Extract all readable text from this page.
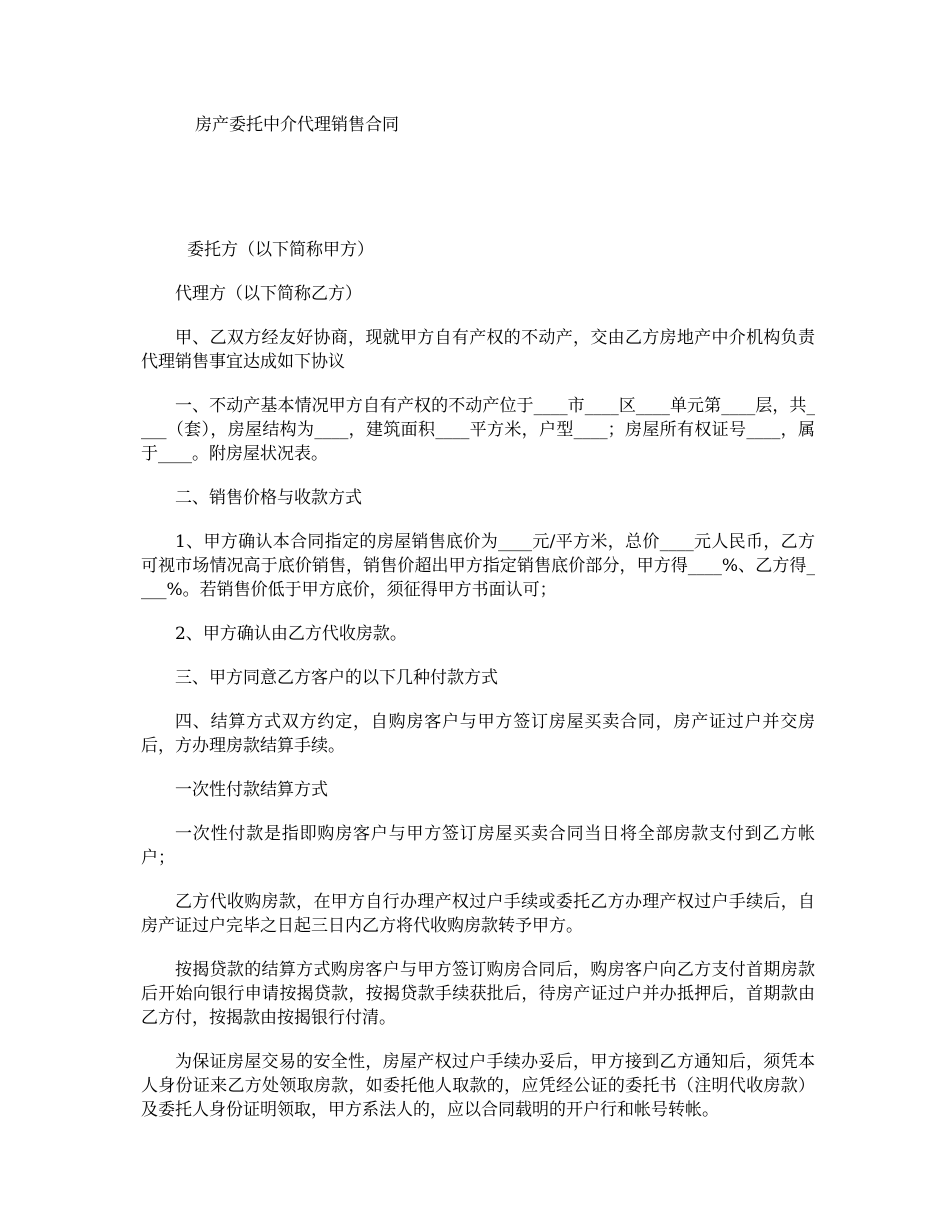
房产委托中介代理销售合同

委托方（以下简称甲方）

代理方（以下简称乙方）

甲、乙双方经友好协商，现就甲方自有产权的不动产，交由乙方房地产中介机构负责代理销售事宜达成如下协议

一、不动产基本情况甲方自有产权的不动产位于____市____区____单元第____层，共____（套），房屋结构为____，建筑面积____平方米，户型____；房屋所有权证号____，属于____。附房屋状况表。

二、销售价格与收款方式

1、甲方确认本合同指定的房屋销售底价为____元/平方米，总价____元人民币，乙方可视市场情况高于底价销售，销售价超出甲方指定销售底价部分，甲方得____%、乙方得____%。若销售价低于甲方底价，须征得甲方书面认可；

2、甲方确认由乙方代收房款。

三、甲方同意乙方客户的以下几种付款方式

四、结算方式双方约定，自购房客户与甲方签订房屋买卖合同，房产证过户并交房后，方办理房款结算手续。

一次性付款结算方式

一次性付款是指即购房客户与甲方签订房屋买卖合同当日将全部房款支付到乙方帐户；

乙方代收购房款，在甲方自行办理产权过户手续或委托乙方办理产权过户手续后，自房产证过户完毕之日起三日内乙方将代收购房款转予甲方。

按揭贷款的结算方式购房客户与甲方签订购房合同后，购房客户向乙方支付首期房款后开始向银行申请按揭贷款，按揭贷款手续获批后，待房产证过户并办抵押后，首期款由乙方付，按揭款由按揭银行付清。

为保证房屋交易的安全性，房屋产权过户手续办妥后，甲方接到乙方通知后，须凭本人身份证来乙方处领取房款，如委托他人取款的，应凭经公证的委托书（注明代收房款）及委托人身份证明领取，甲方系法人的，应以合同载明的开户行和帐号转帐。
